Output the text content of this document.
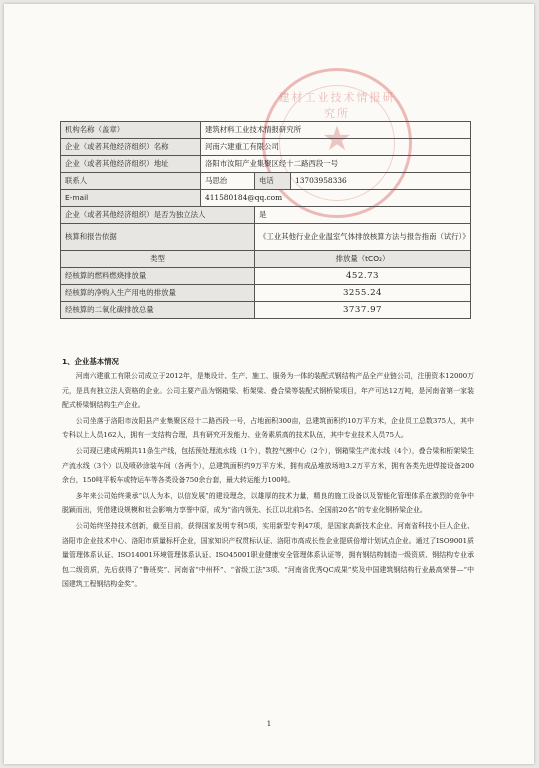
建材工业技术情报研究所
★
机构名称（盖章）	建筑材料工业技术情报研究所		
企业（或者其他经济组织）名称	河南六建重工有限公司		
企业（或者其他经济组织）地址	洛阳市汝阳产业集聚区经十二路西段一号		
联系人	马思治	电话	13703958336
E-mail	411580184@qq.com		
企业（或者其他经济组织）是否为独立法人		是	
核算和报告依据		《工业其他行业企业温室气体排放核算方法与报告指南（试行）》	
类型		排放量（tCO₂）	
经核算的燃料燃烧排放量		452.73	
经核算的净购入生产用电的排放量		3255.24	
经核算的二氧化碳排放总量		3737.97	
1、企业基本情况

河南六建重工有限公司成立于2012年，是集设计、生产、施工、服务为一体的装配式钢结构产品全产业链公司，注册资本12000万元，是具有独立法人资格的企业。公司主要产品为钢箱梁、桁架梁、叠合梁等装配式钢桥梁项目，年产可达12万吨，是河南省第一家装配式桥梁钢结构生产企业。

公司坐落于洛阳市汝阳县产业集聚区经十二路西段一号，占地面积300亩，总建筑面积约10万平方米，企业员工总数375人，其中专科以上人员162人，拥有一支结构合理，具有研究开发能力、业务素质高的技术队伍，其中专业技术人员75人。

公司现已建成两期共11条生产线，包括预处理流水线（1个），数控气割中心（2个），钢箱梁生产流水线（4个），叠合梁和桁架梁生产流水线（3个）以及喷砂涂装车间（各两个），总建筑面积约9万平方米，拥有成品堆放场地3.2万平方米，拥有各类先进焊接设备200余台，150吨平板车或特运车等各类设备750余台套，最大转运能力100吨。

多年来公司始终秉承“以人为本，以信发展”的建设理念，以雄厚的技术力量，精良的施工设备以及智能化管理体系在激烈的竞争中脱颖而出，凭借建设规模和社会影响力享誉中原，成为“省内领先、长江以北前5名、全国前20名”的专业化钢桥梁企业。

公司始终坚持技术创新，截至目前，获得国家发明专利5项，实用新型专利47项，是国家高新技术企业、河南省科技小巨人企业、洛阳市企业技术中心、洛阳市质量标杆企业，国家知识产权贯标认证、洛阳市高成长性企业提质倍增计划试点企业。通过了ISO9001质量管理体系认证、ISO14001环境管理体系认证、ISO45001职业健康安全管理体系认证等，拥有钢结构制造一级资质、钢结构专业承包二级资质，先后获得了“鲁班奖”、河南省“中州杯”、“省级工法”3项、“河南省优秀QC成果”奖及中国建筑钢结构行业最高荣誉—“中国建筑工程钢结构金奖”。

1
